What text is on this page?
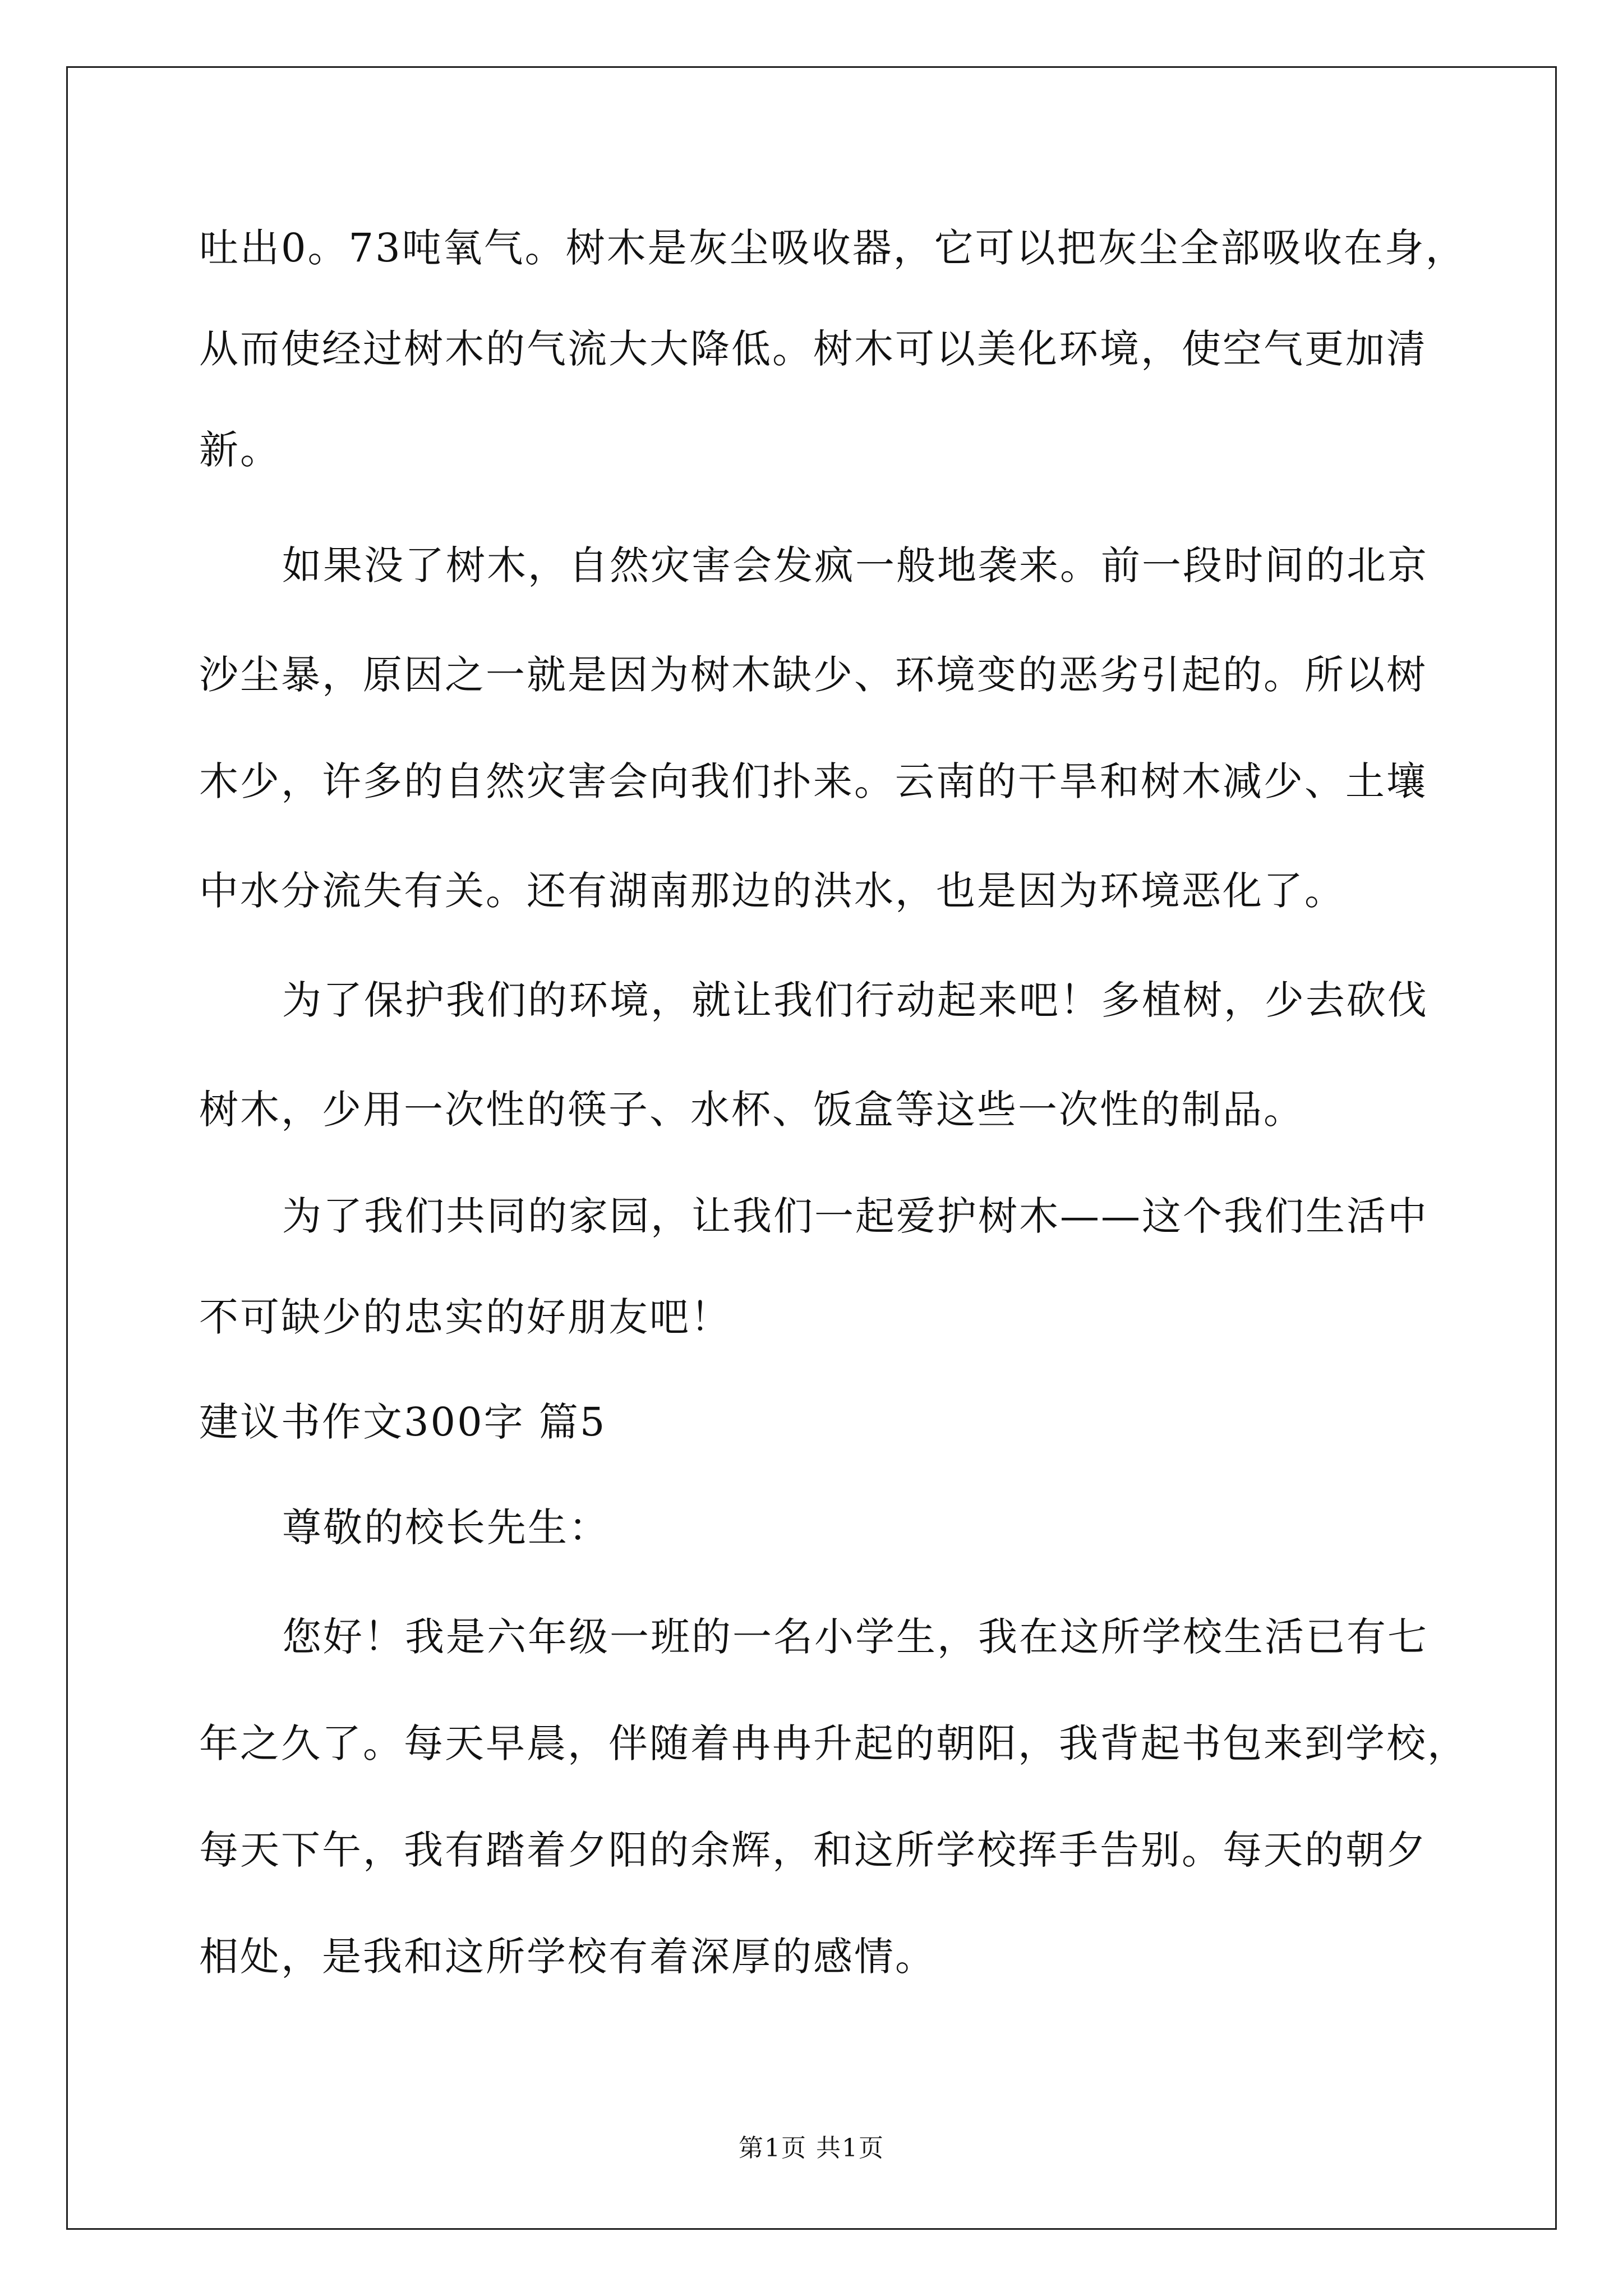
吐出0。73吨氧气。树木是灰尘吸收器，它可以把灰尘全部吸收在身，
从而使经过树木的气流大大降低。树木可以美化环境，使空气更加清
新。
如果没了树木，自然灾害会发疯一般地袭来。前一段时间的北京
沙尘暴，原因之一就是因为树木缺少、环境变的恶劣引起的。所以树
木少，许多的自然灾害会向我们扑来。云南的干旱和树木减少、土壤
中水分流失有关。还有湖南那边的洪水，也是因为环境恶化了。
为了保护我们的环境，就让我们行动起来吧！多植树，少去砍伐
树木，少用一次性的筷子、水杯、饭盒等这些一次性的制品。
为了我们共同的家园，让我们一起爱护树木——这个我们生活中
不可缺少的忠实的好朋友吧！
建议书作文300字 篇5
尊敬的校长先生：
您好！我是六年级一班的一名小学生，我在这所学校生活已有七
年之久了。每天早晨，伴随着冉冉升起的朝阳，我背起书包来到学校，
每天下午，我有踏着夕阳的余辉，和这所学校挥手告别。每天的朝夕
相处，是我和这所学校有着深厚的感情。
第1页 共1页
